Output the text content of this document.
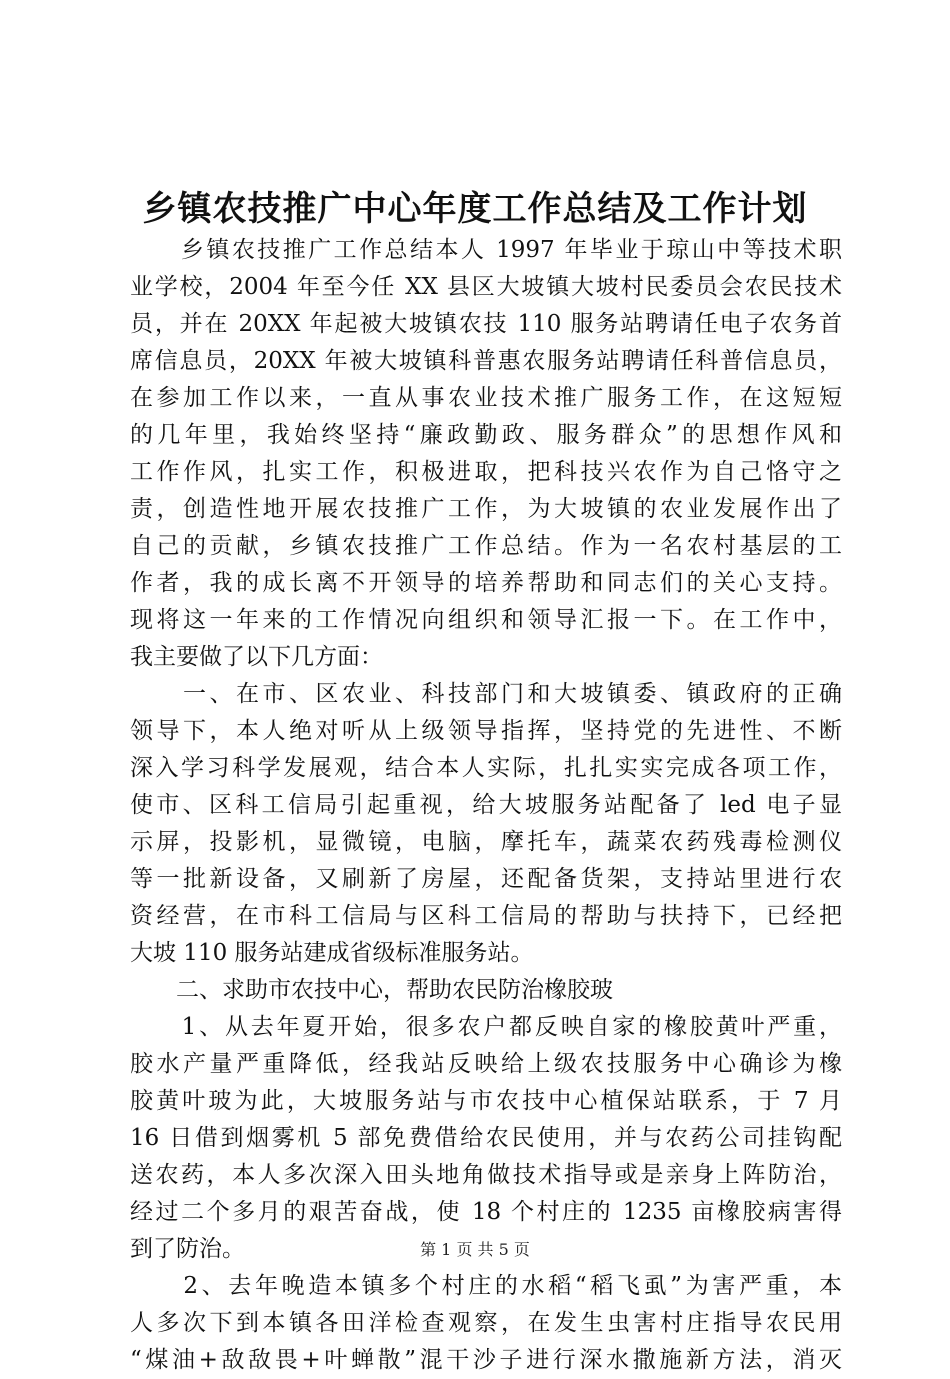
乡镇农技推广中心年度工作总结及工作计划
　　乡镇农技推广工作总结本人 1997 年毕业于琼山中等技术职
业学校，2004 年至今任 XX 县区大坡镇大坡村民委员会农民技术
员，并在 20XX 年起被大坡镇农技 110 服务站聘请任电子农务首
席信息员，20XX 年被大坡镇科普惠农服务站聘请任科普信息员，
在参加工作以来，一直从事农业技术推广服务工作，在这短短
的几年里，我始终坚持“廉政勤政、服务群众”的思想作风和
工作作风，扎实工作，积极进取，把科技兴农作为自己恪守之
责，创造性地开展农技推广工作，为大坡镇的农业发展作出了
自己的贡献，乡镇农技推广工作总结。作为一名农村基层的工
作者，我的成长离不开领导的培养帮助和同志们的关心支持。
现将这一年来的工作情况向组织和领导汇报一下。在工作中，
我主要做了以下几方面：
　　一、在市、区农业、科技部门和大坡镇委、镇政府的正确
领导下，本人绝对听从上级领导指挥，坚持党的先进性、不断
深入学习科学发展观，结合本人实际，扎扎实实完成各项工作，
使市、区科工信局引起重视，给大坡服务站配备了 led 电子显
示屏，投影机，显微镜，电脑，摩托车，蔬菜农药残毒检测仪
等一批新设备，又刷新了房屋，还配备货架，支持站里进行农
资经营，在市科工信局与区科工信局的帮助与扶持下，已经把
大坡 110 服务站建成省级标准服务站。
　　二、求助市农技中心，帮助农民防治橡胶玻
　　1、从去年夏开始，很多农户都反映自家的橡胶黄叶严重，
胶水产量严重降低，经我站反映给上级农技服务中心确诊为橡
胶黄叶玻为此，大坡服务站与市农技中心植保站联系，于 7 月
16 日借到烟雾机 5 部免费借给农民使用，并与农药公司挂钩配
送农药，本人多次深入田头地角做技术指导或是亲身上阵防治，
经过二个多月的艰苦奋战，使 18 个村庄的 1235 亩橡胶病害得
到了防治。
　　2、去年晚造本镇多个村庄的水稻“稻飞虱”为害严重，本
人多次下到本镇各田洋检查观察，在发生虫害村庄指导农民用
“煤油+敌敌畏+叶蝉散”混干沙子进行深水撒施新方法，消灭
第 1 页 共 5 页
